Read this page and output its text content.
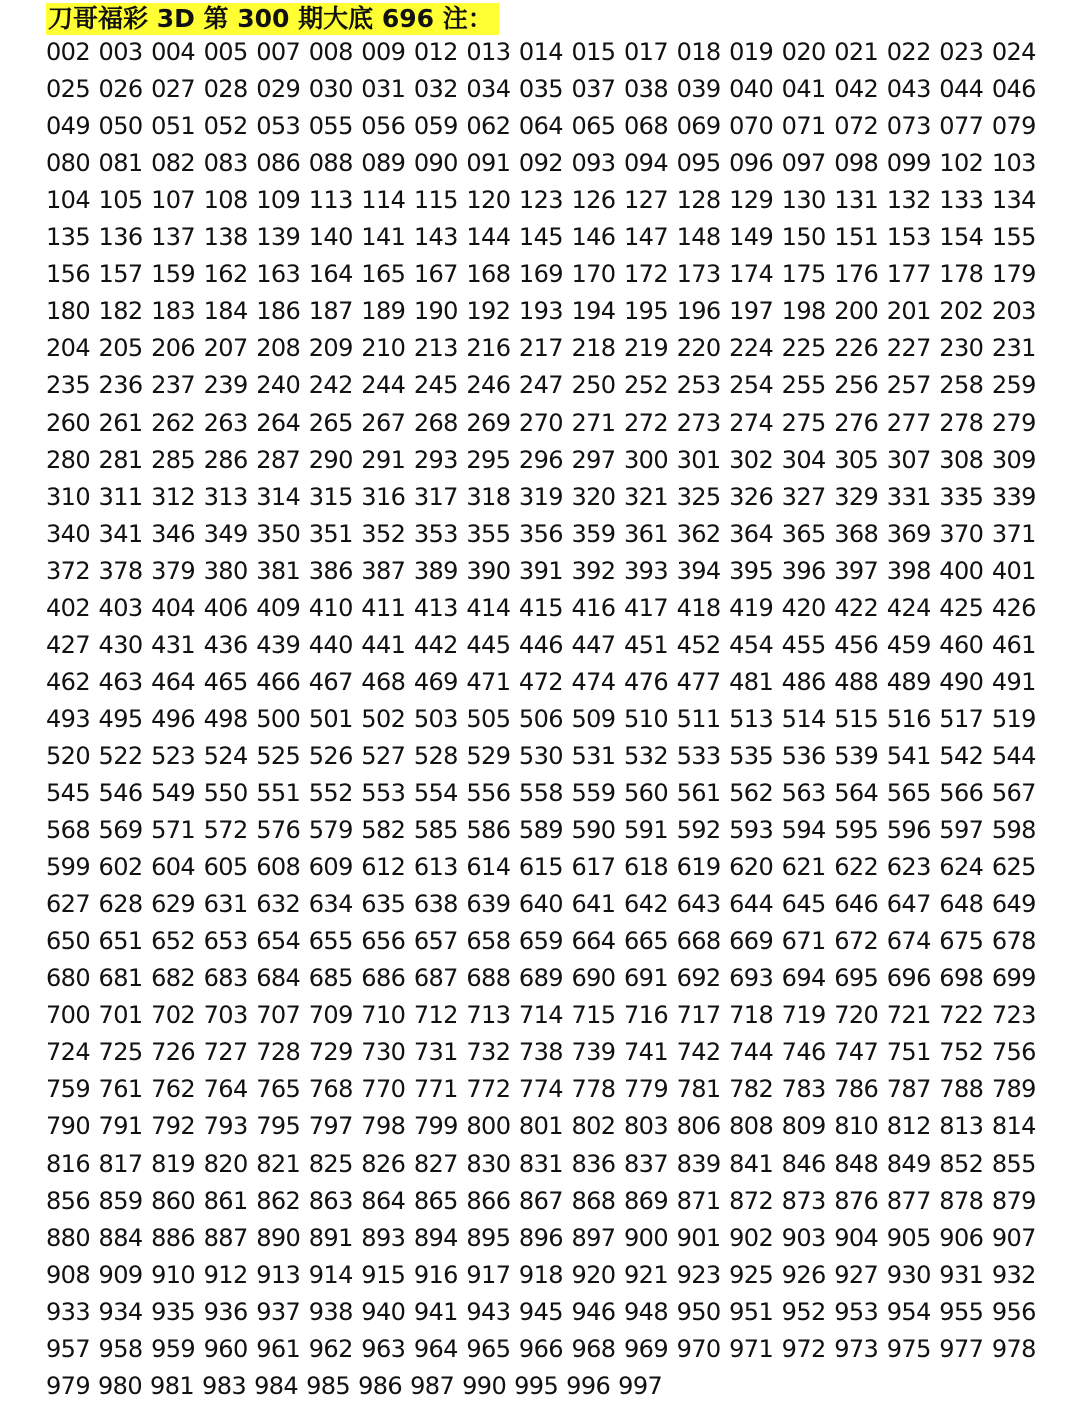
刀哥福彩 3D 第 300 期大底 696 注：
002 003 004 005 007 008 009 012 013 014 015 017 018 019 020 021 022 023 024
025 026 027 028 029 030 031 032 034 035 037 038 039 040 041 042 043 044 046
049 050 051 052 053 055 056 059 062 064 065 068 069 070 071 072 073 077 079
080 081 082 083 086 088 089 090 091 092 093 094 095 096 097 098 099 102 103
104 105 107 108 109 113 114 115 120 123 126 127 128 129 130 131 132 133 134
135 136 137 138 139 140 141 143 144 145 146 147 148 149 150 151 153 154 155
156 157 159 162 163 164 165 167 168 169 170 172 173 174 175 176 177 178 179
180 182 183 184 186 187 189 190 192 193 194 195 196 197 198 200 201 202 203
204 205 206 207 208 209 210 213 216 217 218 219 220 224 225 226 227 230 231
235 236 237 239 240 242 244 245 246 247 250 252 253 254 255 256 257 258 259
260 261 262 263 264 265 267 268 269 270 271 272 273 274 275 276 277 278 279
280 281 285 286 287 290 291 293 295 296 297 300 301 302 304 305 307 308 309
310 311 312 313 314 315 316 317 318 319 320 321 325 326 327 329 331 335 339
340 341 346 349 350 351 352 353 355 356 359 361 362 364 365 368 369 370 371
372 378 379 380 381 386 387 389 390 391 392 393 394 395 396 397 398 400 401
402 403 404 406 409 410 411 413 414 415 416 417 418 419 420 422 424 425 426
427 430 431 436 439 440 441 442 445 446 447 451 452 454 455 456 459 460 461
462 463 464 465 466 467 468 469 471 472 474 476 477 481 486 488 489 490 491
493 495 496 498 500 501 502 503 505 506 509 510 511 513 514 515 516 517 519
520 522 523 524 525 526 527 528 529 530 531 532 533 535 536 539 541 542 544
545 546 549 550 551 552 553 554 556 558 559 560 561 562 563 564 565 566 567
568 569 571 572 576 579 582 585 586 589 590 591 592 593 594 595 596 597 598
599 602 604 605 608 609 612 613 614 615 617 618 619 620 621 622 623 624 625
627 628 629 631 632 634 635 638 639 640 641 642 643 644 645 646 647 648 649
650 651 652 653 654 655 656 657 658 659 664 665 668 669 671 672 674 675 678
680 681 682 683 684 685 686 687 688 689 690 691 692 693 694 695 696 698 699
700 701 702 703 707 709 710 712 713 714 715 716 717 718 719 720 721 722 723
724 725 726 727 728 729 730 731 732 738 739 741 742 744 746 747 751 752 756
759 761 762 764 765 768 770 771 772 774 778 779 781 782 783 786 787 788 789
790 791 792 793 795 797 798 799 800 801 802 803 806 808 809 810 812 813 814
816 817 819 820 821 825 826 827 830 831 836 837 839 841 846 848 849 852 855
856 859 860 861 862 863 864 865 866 867 868 869 871 872 873 876 877 878 879
880 884 886 887 890 891 893 894 895 896 897 900 901 902 903 904 905 906 907
908 909 910 912 913 914 915 916 917 918 920 921 923 925 926 927 930 931 932
933 934 935 936 937 938 940 941 943 945 946 948 950 951 952 953 954 955 956
957 958 959 960 961 962 963 964 965 966 968 969 970 971 972 973 975 977 978
979 980 981 983 984 985 986 987 990 995 996 997
